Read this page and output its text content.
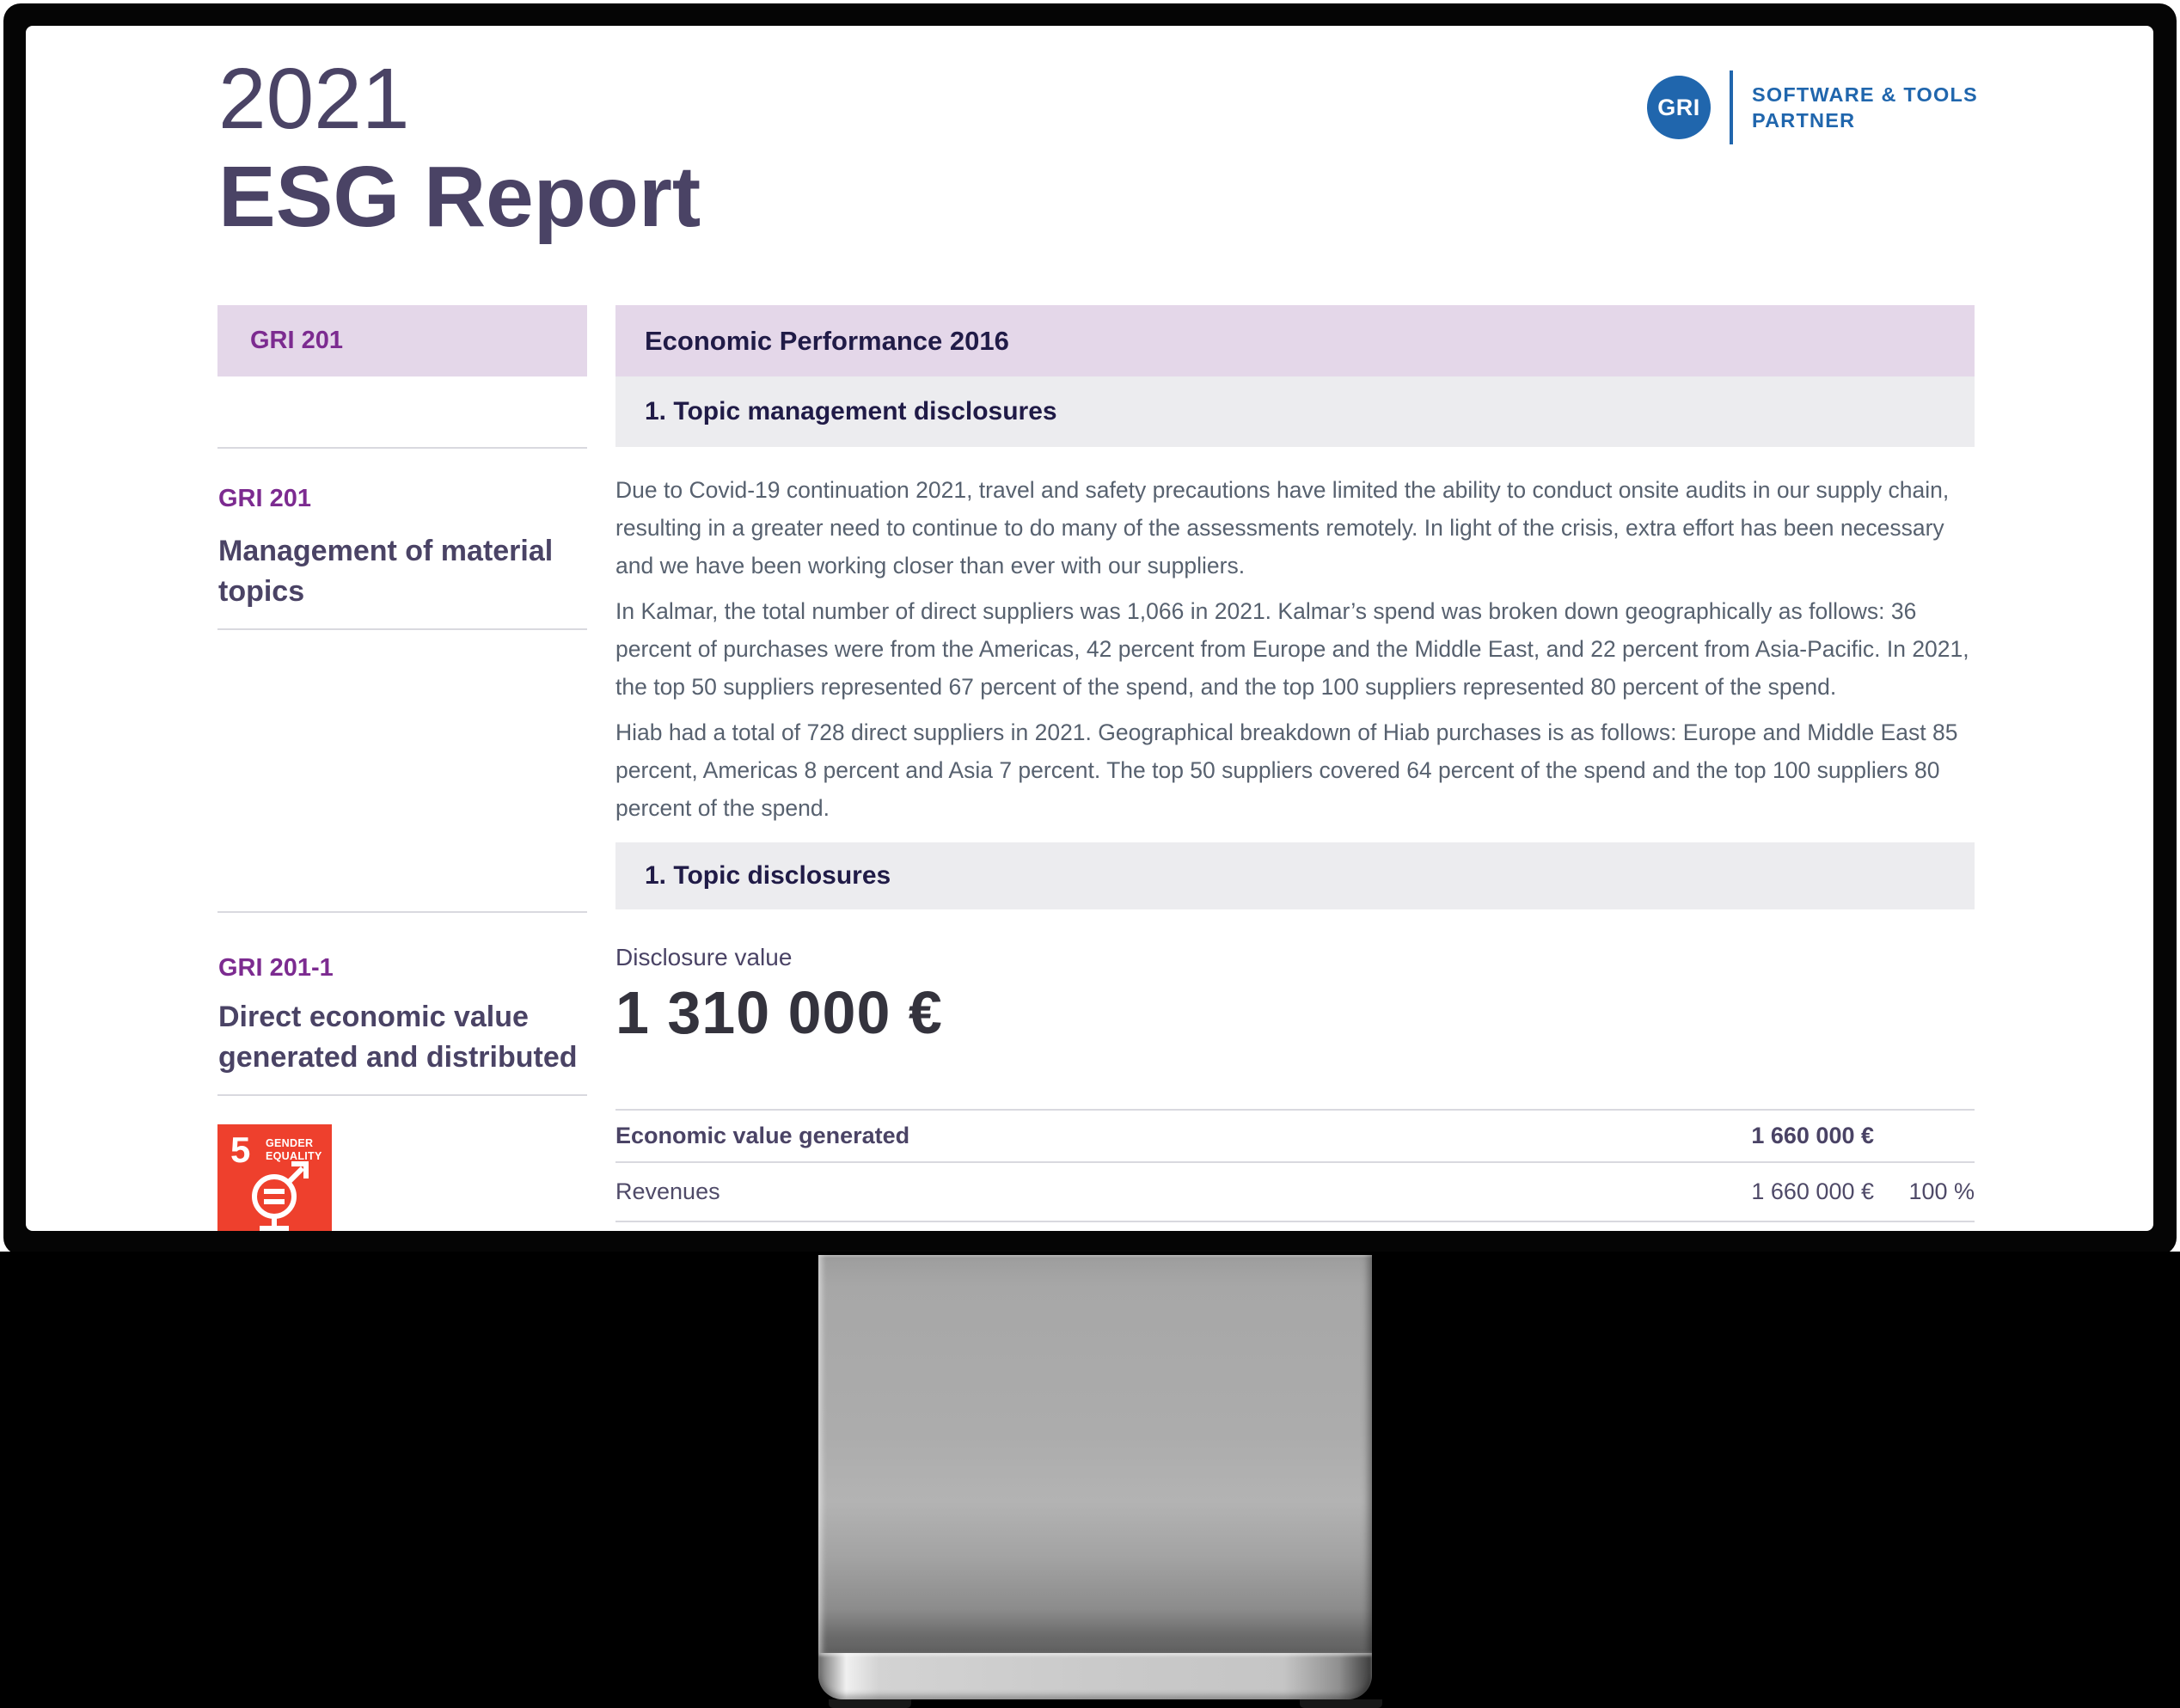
2021
ESG Report
GRI	SOFTWARE & TOOLS
PARTNER
GRI 201
GRI 201
Management of material topics
GRI 201-1
Direct economic value generated and distributed
5 GENDER
EQUALITY
Economic Performance 2016
1. Topic management disclosures

Due to Covid-19 continuation 2021, travel and safety precautions have limited the ability to conduct onsite audits in our supply chain, resulting in a greater need to continue to do many of the assessments remotely. In light of the crisis, extra effort has been necessary and we have been working closer than ever with our suppliers.

In Kalmar, the total number of direct suppliers was 1,066 in 2021. Kalmar’s spend was broken down geographically as follows: 36 percent of purchases were from the Americas, 42 percent from Europe and the Middle East, and 22 percent from Asia-Pacific. In 2021, the top 50 suppliers represented 67 percent of the spend, and the top 100 suppliers represented 80 percent of the spend.

Hiab had a total of 728 direct suppliers in 2021. Geographical breakdown of Hiab purchases is as follows: Europe and Middle East 85 percent, Americas 8 percent and Asia 7 percent. The top 50 suppliers covered 64 percent of the spend and the top 100 suppliers 80 percent of the spend.

1. Topic disclosures
Disclosure value
1 310 000 €
Economic value generated	1 660 000 €
Revenues	1 660 000 €	100 %
